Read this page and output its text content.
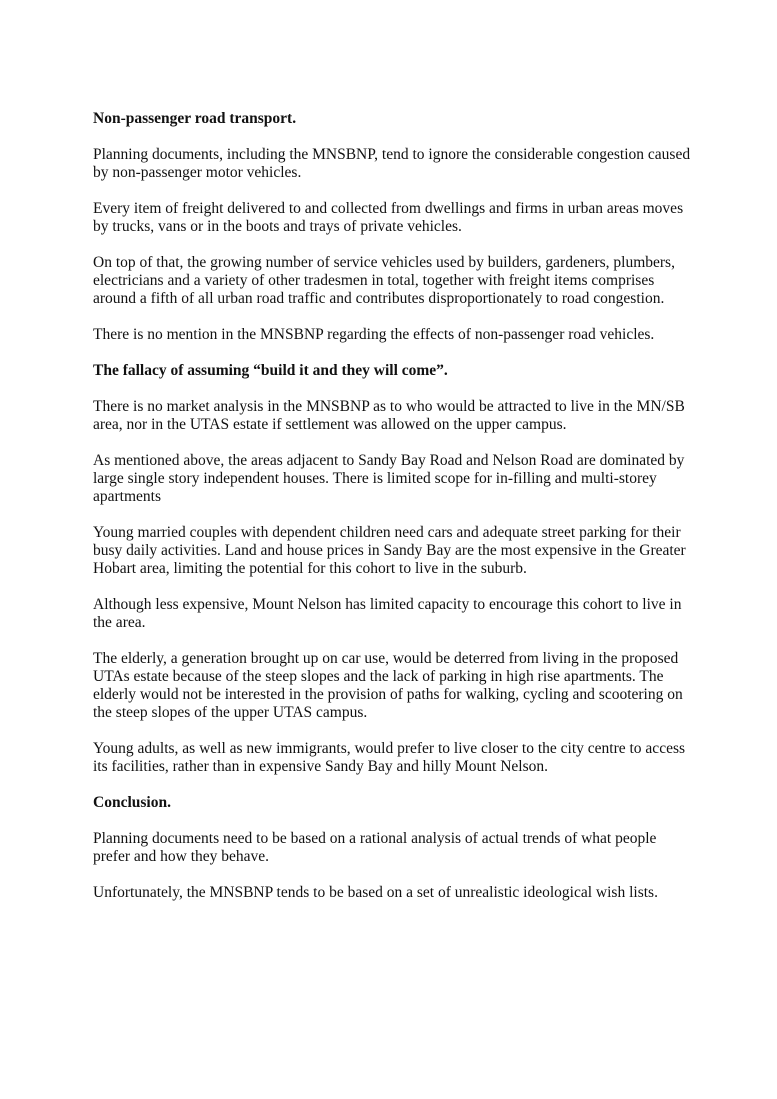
Non-passenger road transport.

Planning documents, including the MNSBNP, tend to ignore the considerable congestion caused by non-passenger motor vehicles.

Every item of freight delivered to and collected from dwellings and firms in urban areas moves by trucks, vans or in the boots and trays of private vehicles.

On top of that, the growing number of service vehicles used by builders, gardeners, plumbers, electricians and a variety of other tradesmen in total, together with freight items comprises around a fifth of all urban road traffic and contributes disproportionately to road congestion.

There is no mention in the MNSBNP regarding the effects of non-passenger road vehicles.

The fallacy of assuming “build it and they will come”.

There is no market analysis in the MNSBNP as to who would be attracted to live in the MN/SB area, nor in the UTAS estate if settlement was allowed on the upper campus.

As mentioned above, the areas adjacent to Sandy Bay Road and Nelson Road are dominated by large single story independent houses. There is limited scope for in-filling and multi-storey apartments

Young married couples with dependent children need cars and adequate street parking for their busy daily activities. Land and house prices in Sandy Bay are the most expensive in the Greater Hobart area, limiting the potential for this cohort to live in the suburb.

Although less expensive, Mount Nelson has limited capacity to encourage this cohort to live in the area.

The elderly, a generation brought up on car use, would be deterred from living in the proposed UTAs estate because of the steep slopes and the lack of parking in high rise apartments. The elderly would not be interested in the provision of paths for walking, cycling and scootering on the steep slopes of the upper UTAS campus.

Young adults, as well as new immigrants, would prefer to live closer to the city centre to access its facilities, rather than in expensive Sandy Bay and hilly Mount Nelson.

Conclusion.

Planning documents need to be based on a rational analysis of actual trends of what people prefer and how they behave.

Unfortunately, the MNSBNP tends to be based on a set of unrealistic ideological wish lists.
